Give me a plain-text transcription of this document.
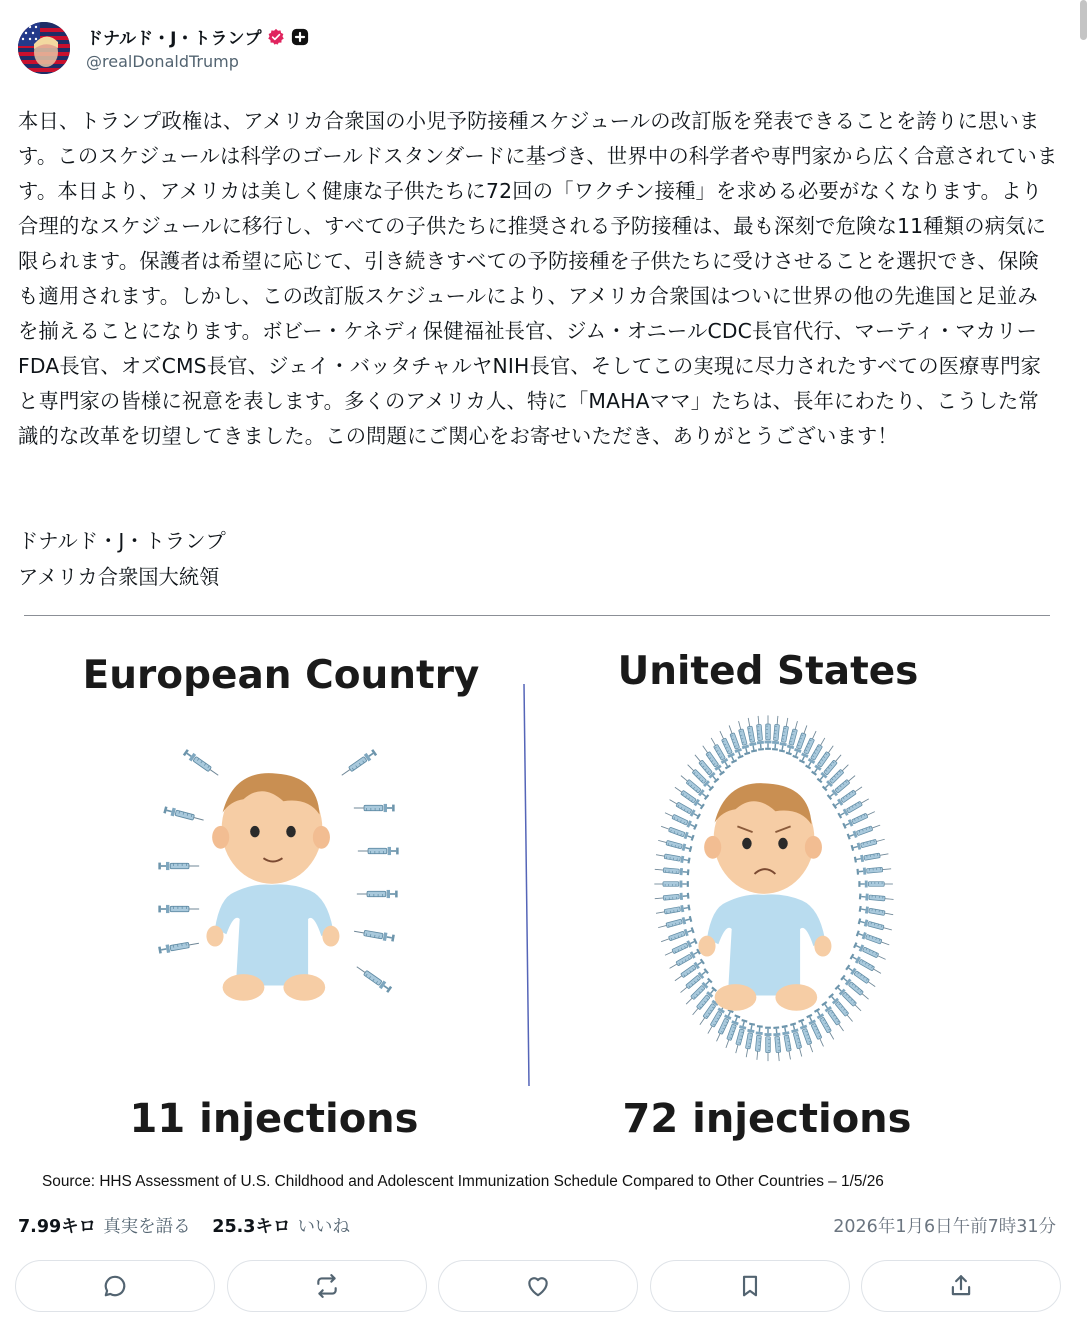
ドナルド・J・トランプ
@realDonaldTrump
本日、トランプ政権は、アメリカ合衆国の小児予防接種スケジュールの改訂版を発表できることを誇りに思います。このスケジュールは科学のゴールドスタンダードに基づき、世界中の科学者や専門家から広く合意されています。本日より、アメリカは美しく健康な子供たちに72回の「ワクチン接種」を求める必要がなくなります。より合理的なスケジュールに移行し、すべての子供たちに推奨される予防接種は、最も深刻で危険な11種類の病気に限られます。保護者は希望に応じて、引き続きすべての予防接種を子供たちに受けさせることを選択でき、保険も適用されます。しかし、この改訂版スケジュールにより、アメリカ合衆国はついに世界の他の先進国と足並みを揃えることになります。ボビー・ケネディ保健福祉長官、ジム・オニールCDC長官代行、マーティ・マカリーFDA長官、オズCMS長官、ジェイ・バッタチャルヤNIH長官、そしてこの実現に尽力されたすべての医療専門家と専門家の皆様に祝意を表します。多くのアメリカ人、特に「MAHAママ」たちは、長年にわたり、こうした常識的な改革を切望してきました。この問題にご関心をお寄せいただき、ありがとうございます！
ドナルド・J・トランプ
アメリカ合衆国大統領
European Country	United States
11 injections	72 injections
Source: HHS Assessment of U.S. Childhood and Adolescent Immunization Schedule Compared to Other Countries – 1/5/26
7.99キロ 真実を語る
25.3キロ いいね	2026年1月6日午前7時31分
